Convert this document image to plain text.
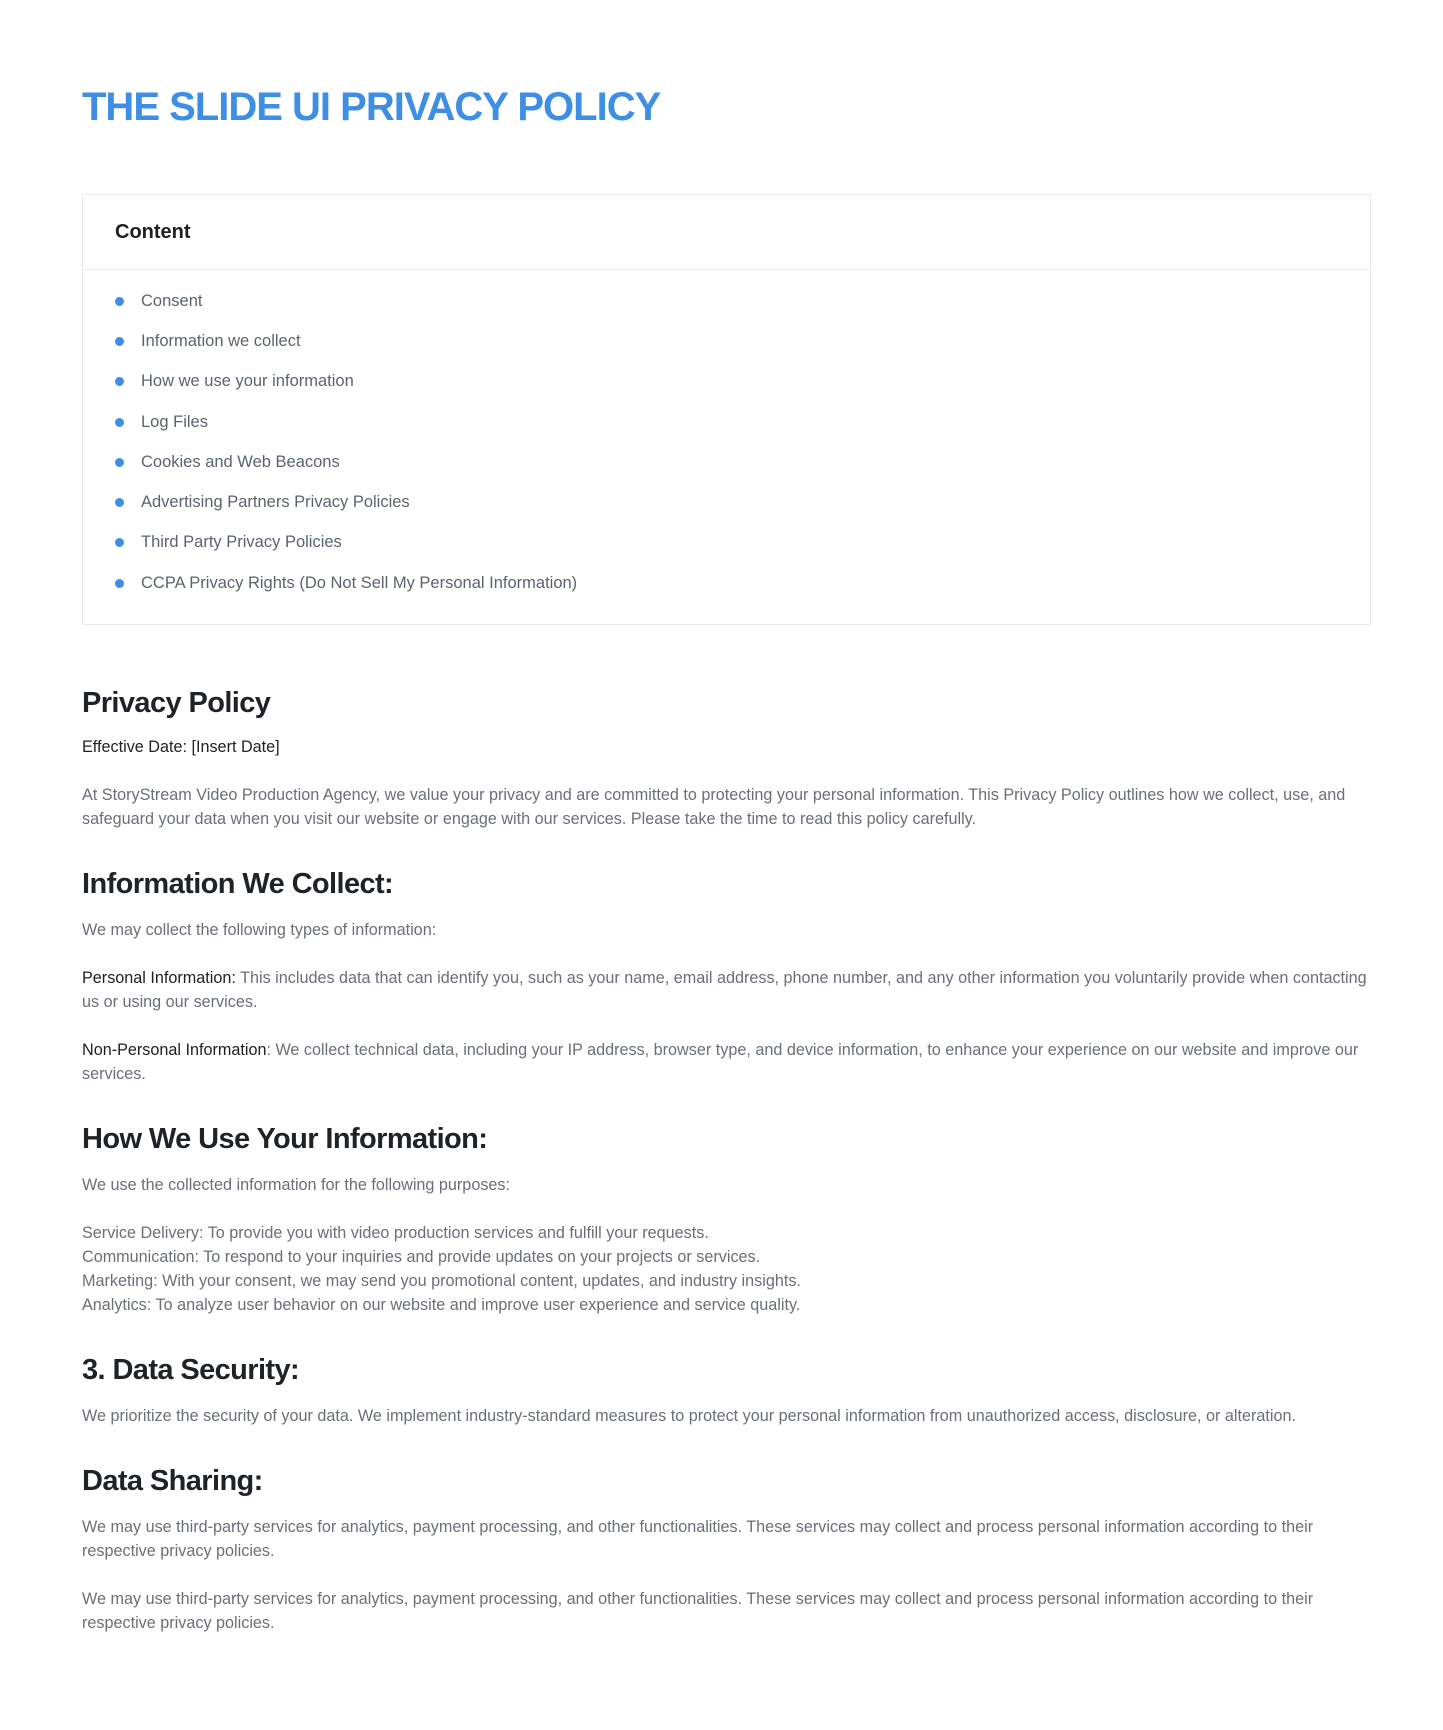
THE SLIDE UI PRIVACY POLICY
Content
Consent
Information we collect
How we use your information
Log Files
Cookies and Web Beacons
Advertising Partners Privacy Policies
Third Party Privacy Policies
CCPA Privacy Rights (Do Not Sell My Personal Information)
Privacy Policy

Effective Date: [Insert Date]

At StoryStream Video Production Agency, we value your privacy and are committed to protecting your personal information. This Privacy Policy outlines how we collect, use, and safeguard your data when you visit our website or engage with our services. Please take the time to read this policy carefully.

Information We Collect:

We may collect the following types of information:

Personal Information: This includes data that can identify you, such as your name, email address, phone number, and any other information you voluntarily provide when contacting us or using our services.

Non-Personal Information: We collect technical data, including your IP address, browser type, and device information, to enhance your experience on our website and improve our services.

How We Use Your Information:

We use the collected information for the following purposes:

Service Delivery: To provide you with video production services and fulfill your requests.

Communication: To respond to your inquiries and provide updates on your projects or services.

Marketing: With your consent, we may send you promotional content, updates, and industry insights.

Analytics: To analyze user behavior on our website and improve user experience and service quality.

3. Data Security:

We prioritize the security of your data. We implement industry-standard measures to protect your personal information from unauthorized access, disclosure, or alteration.

Data Sharing:

We may use third-party services for analytics, payment processing, and other functionalities. These services may collect and process personal information according to their respective privacy policies.

We may use third-party services for analytics, payment processing, and other functionalities. These services may collect and process personal information according to their respective privacy policies.
